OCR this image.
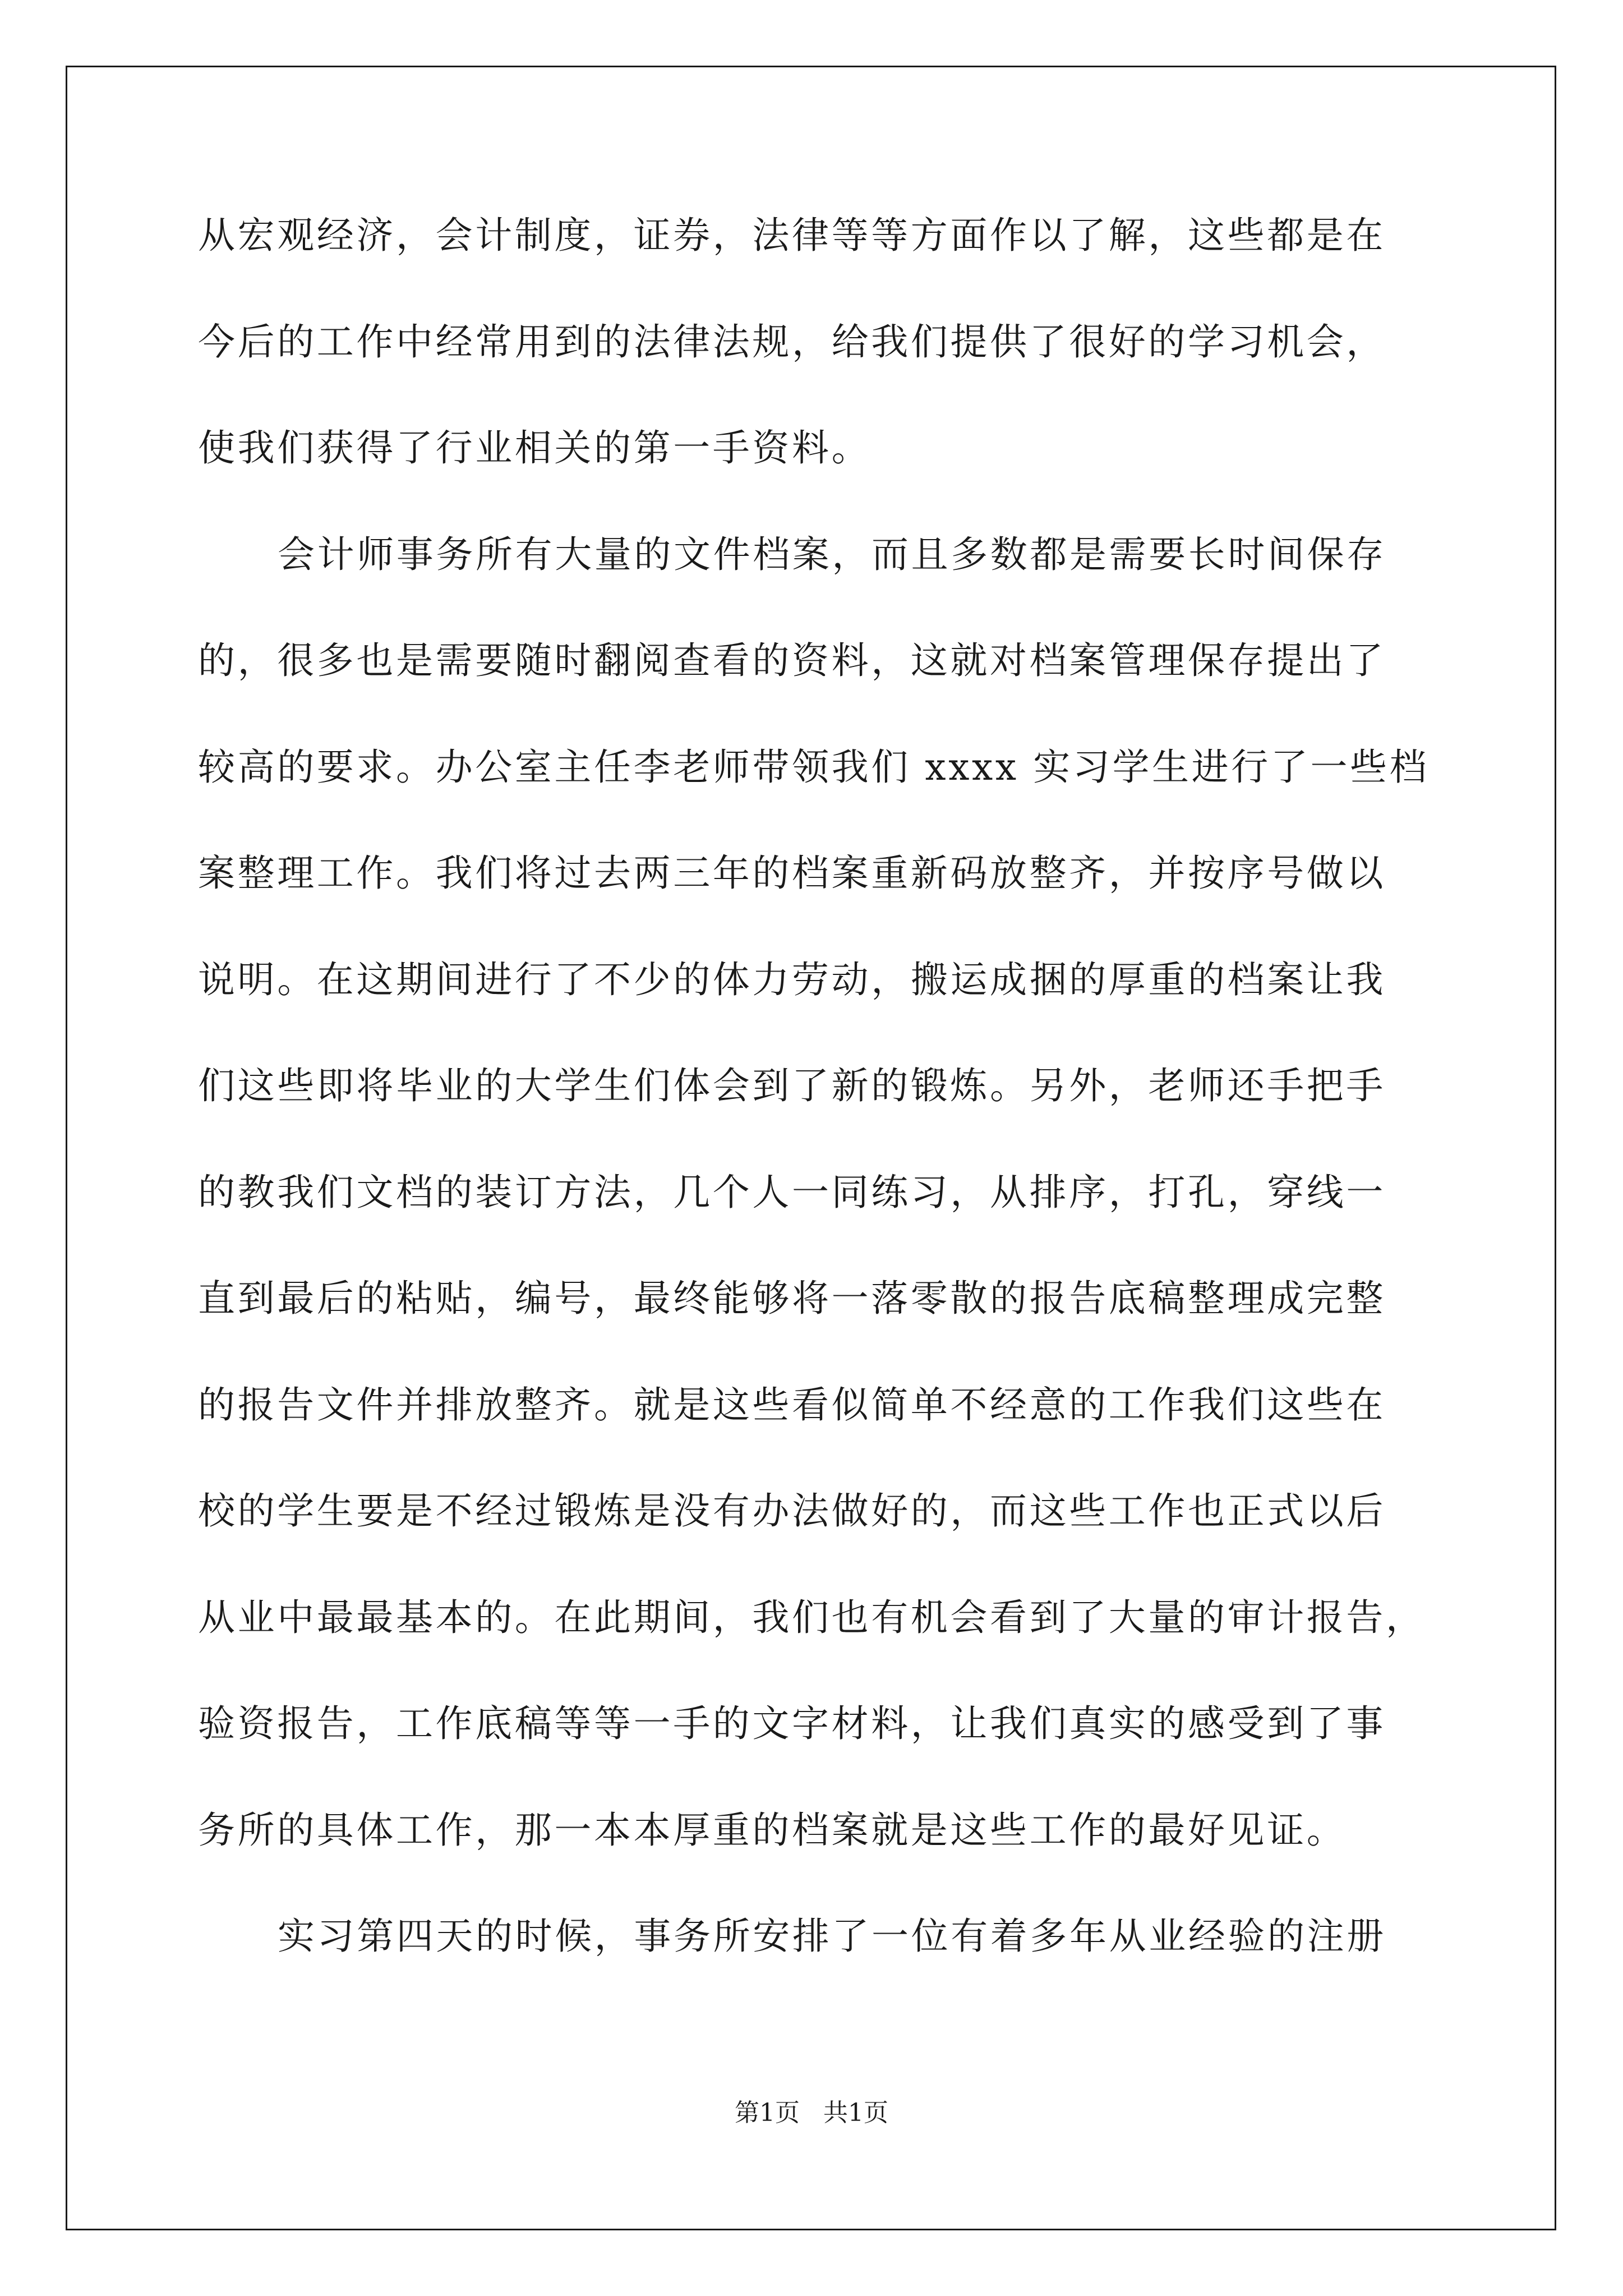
从宏观经济，会计制度，证券，法律等等方面作以了解，这些都是在
今后的工作中经常用到的法律法规，给我们提供了很好的学习机会，
使我们获得了行业相关的第一手资料。
会计师事务所有大量的文件档案，而且多数都是需要长时间保存
的，很多也是需要随时翻阅查看的资料，这就对档案管理保存提出了
较高的要求。办公室主任李老师带领我们 xxxx 实习学生进行了一些档
案整理工作。我们将过去两三年的档案重新码放整齐，并按序号做以
说明。在这期间进行了不少的体力劳动，搬运成捆的厚重的档案让我
们这些即将毕业的大学生们体会到了新的锻炼。另外，老师还手把手
的教我们文档的装订方法，几个人一同练习，从排序，打孔，穿线一
直到最后的粘贴，编号，最终能够将一落零散的报告底稿整理成完整
的报告文件并排放整齐。就是这些看似简单不经意的工作我们这些在
校的学生要是不经过锻炼是没有办法做好的，而这些工作也正式以后
从业中最最基本的。在此期间，我们也有机会看到了大量的审计报告，
验资报告，工作底稿等等一手的文字材料，让我们真实的感受到了事
务所的具体工作，那一本本厚重的档案就是这些工作的最好见证。
实习第四天的时候，事务所安排了一位有着多年从业经验的注册
第1页   共1页
